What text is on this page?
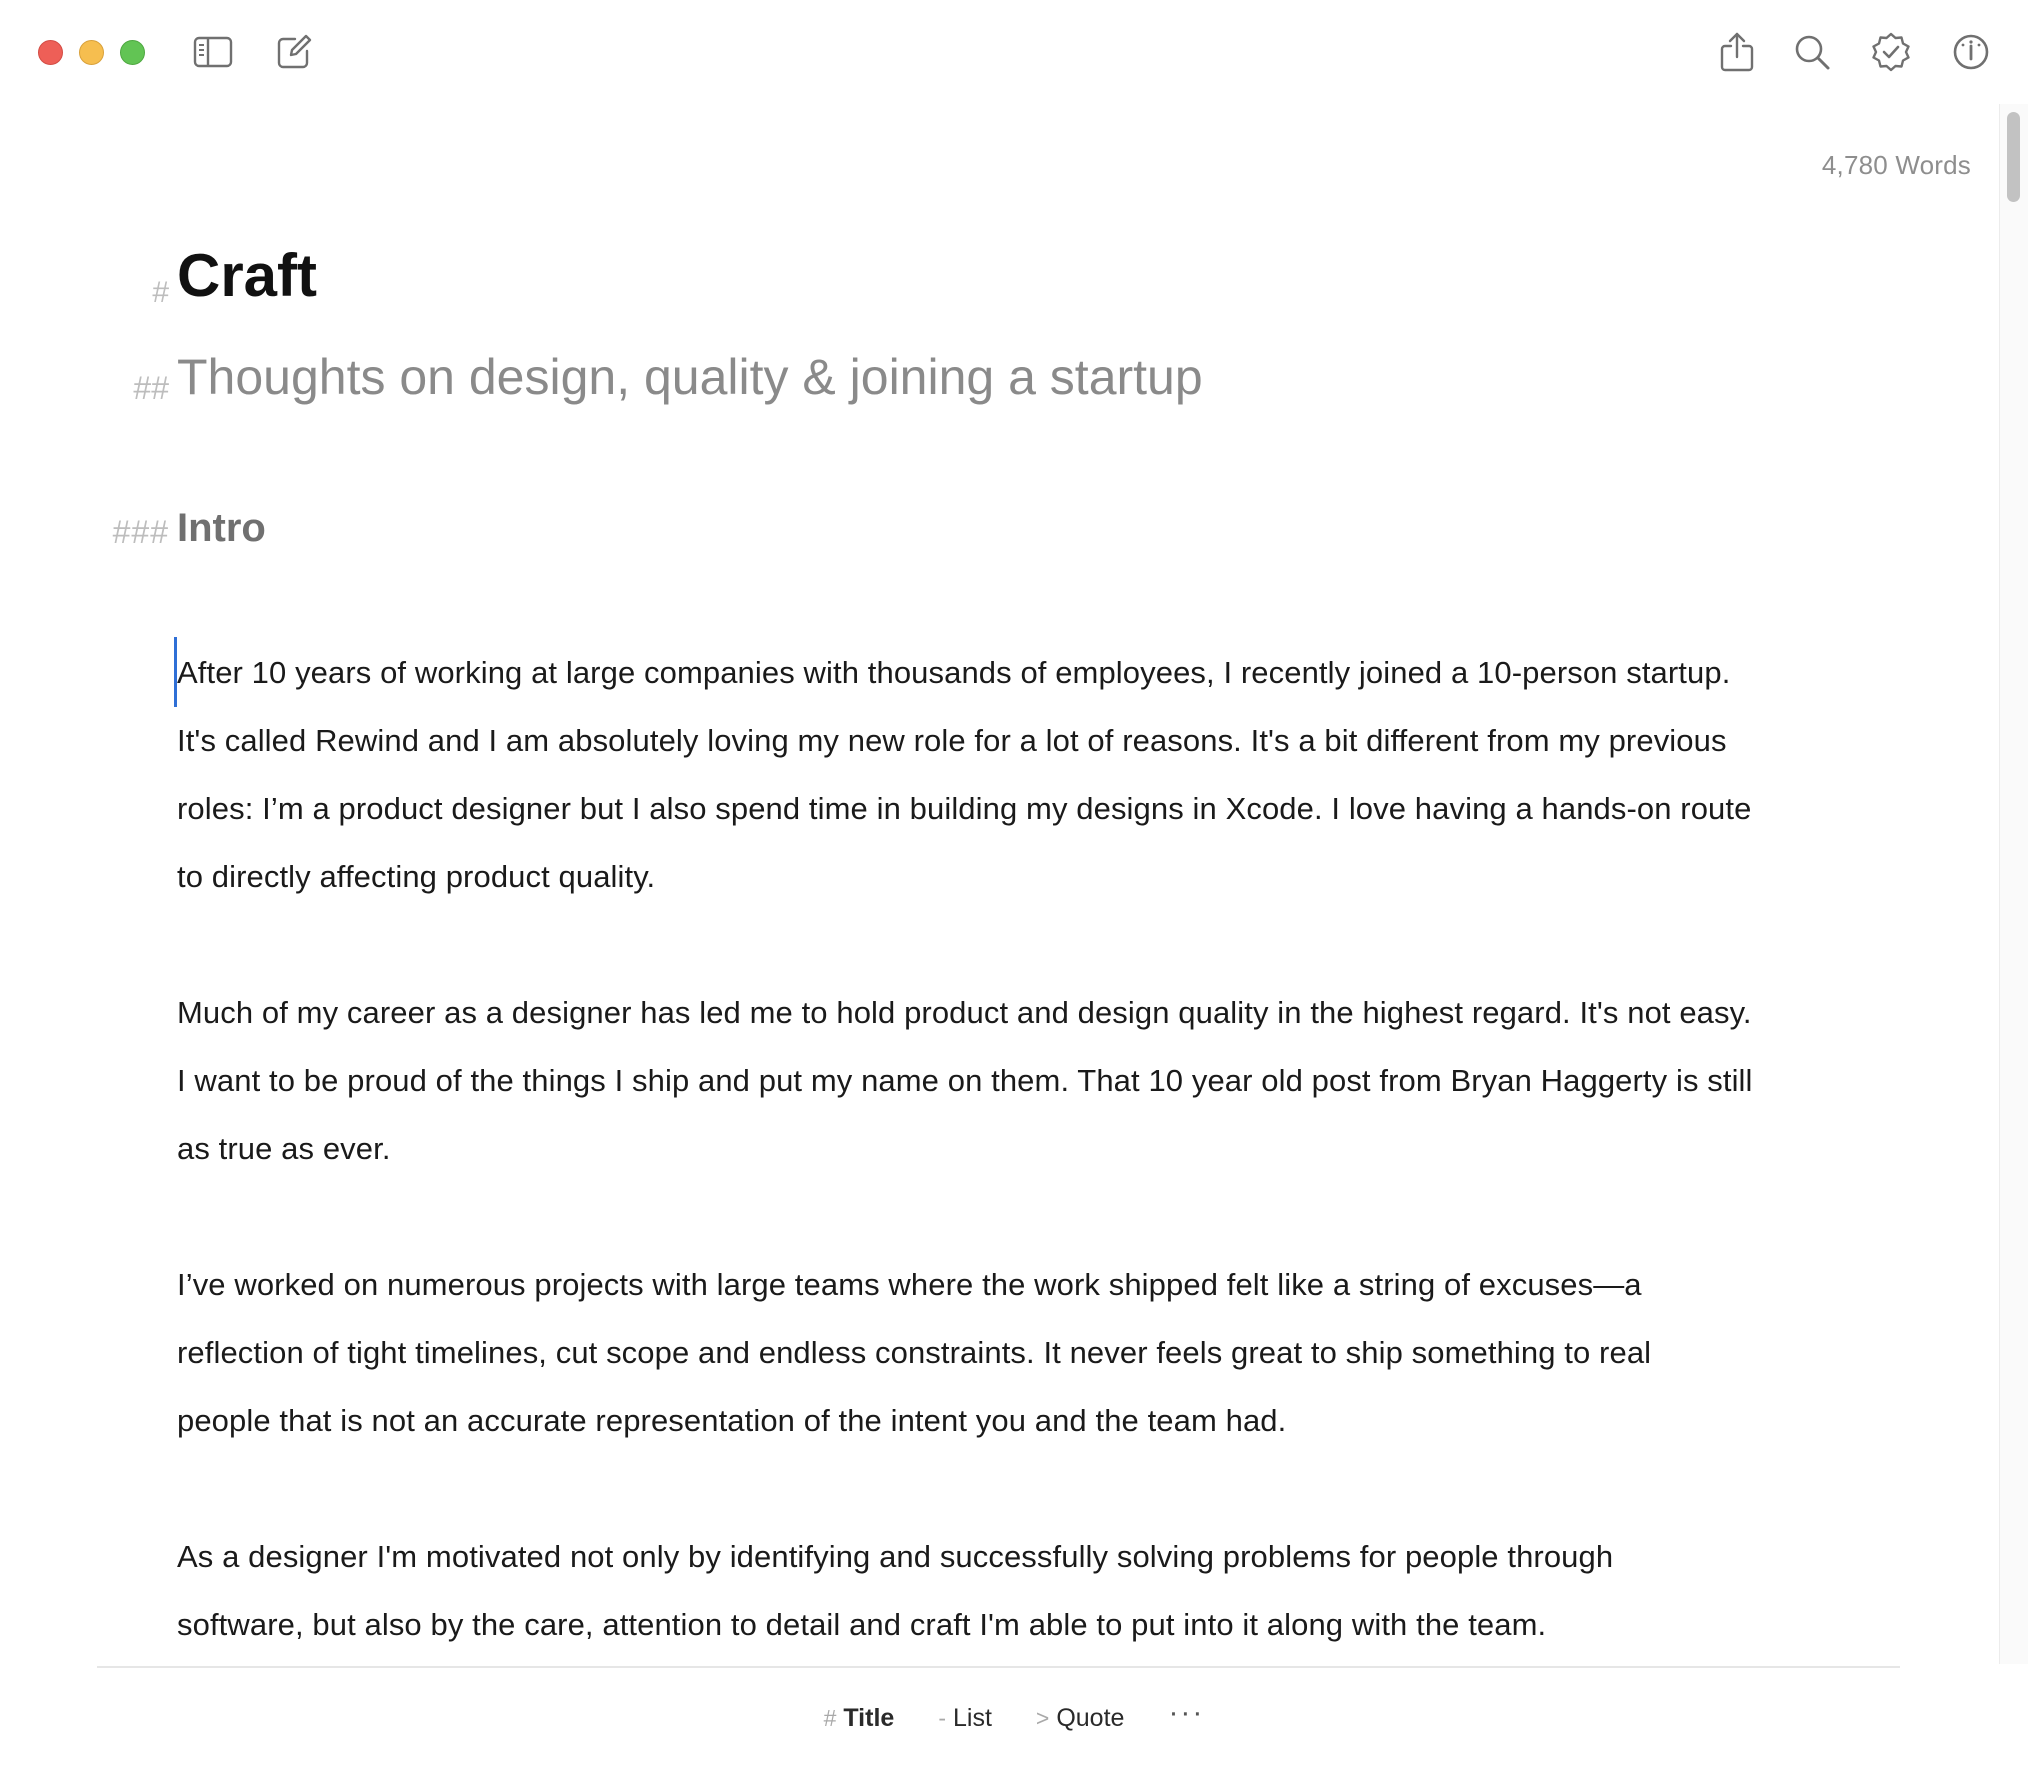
4,780 Words
# Craft
## Thoughts on design, quality & joining a startup
### Intro

After 10 years of working at large companies with thousands of employees, I recently joined a 10-person startup.
It's called Rewind and I am absolutely loving my new role for a lot of reasons. It's a bit different from my previous
roles: I’m a product designer but I also spend time in building my designs in Xcode. I love having a hands-on route
to directly affecting product quality.

Much of my career as a designer has led me to hold product and design quality in the highest regard. It's not easy.
I want to be proud of the things I ship and put my name on them. That 10 year old post from Bryan Haggerty is still
as true as ever.

I’ve worked on numerous projects with large teams where the work shipped felt like a string of excuses—a
reflection of tight timelines, cut scope and endless constraints. It never feels great to ship something to real
people that is not an accurate representation of the intent you and the team had.

As a designer I'm motivated not only by identifying and successfully solving problems for people through
software, but also by the care, attention to detail and craft I'm able to put into it along with the team.

# Title - List > Quote	···
